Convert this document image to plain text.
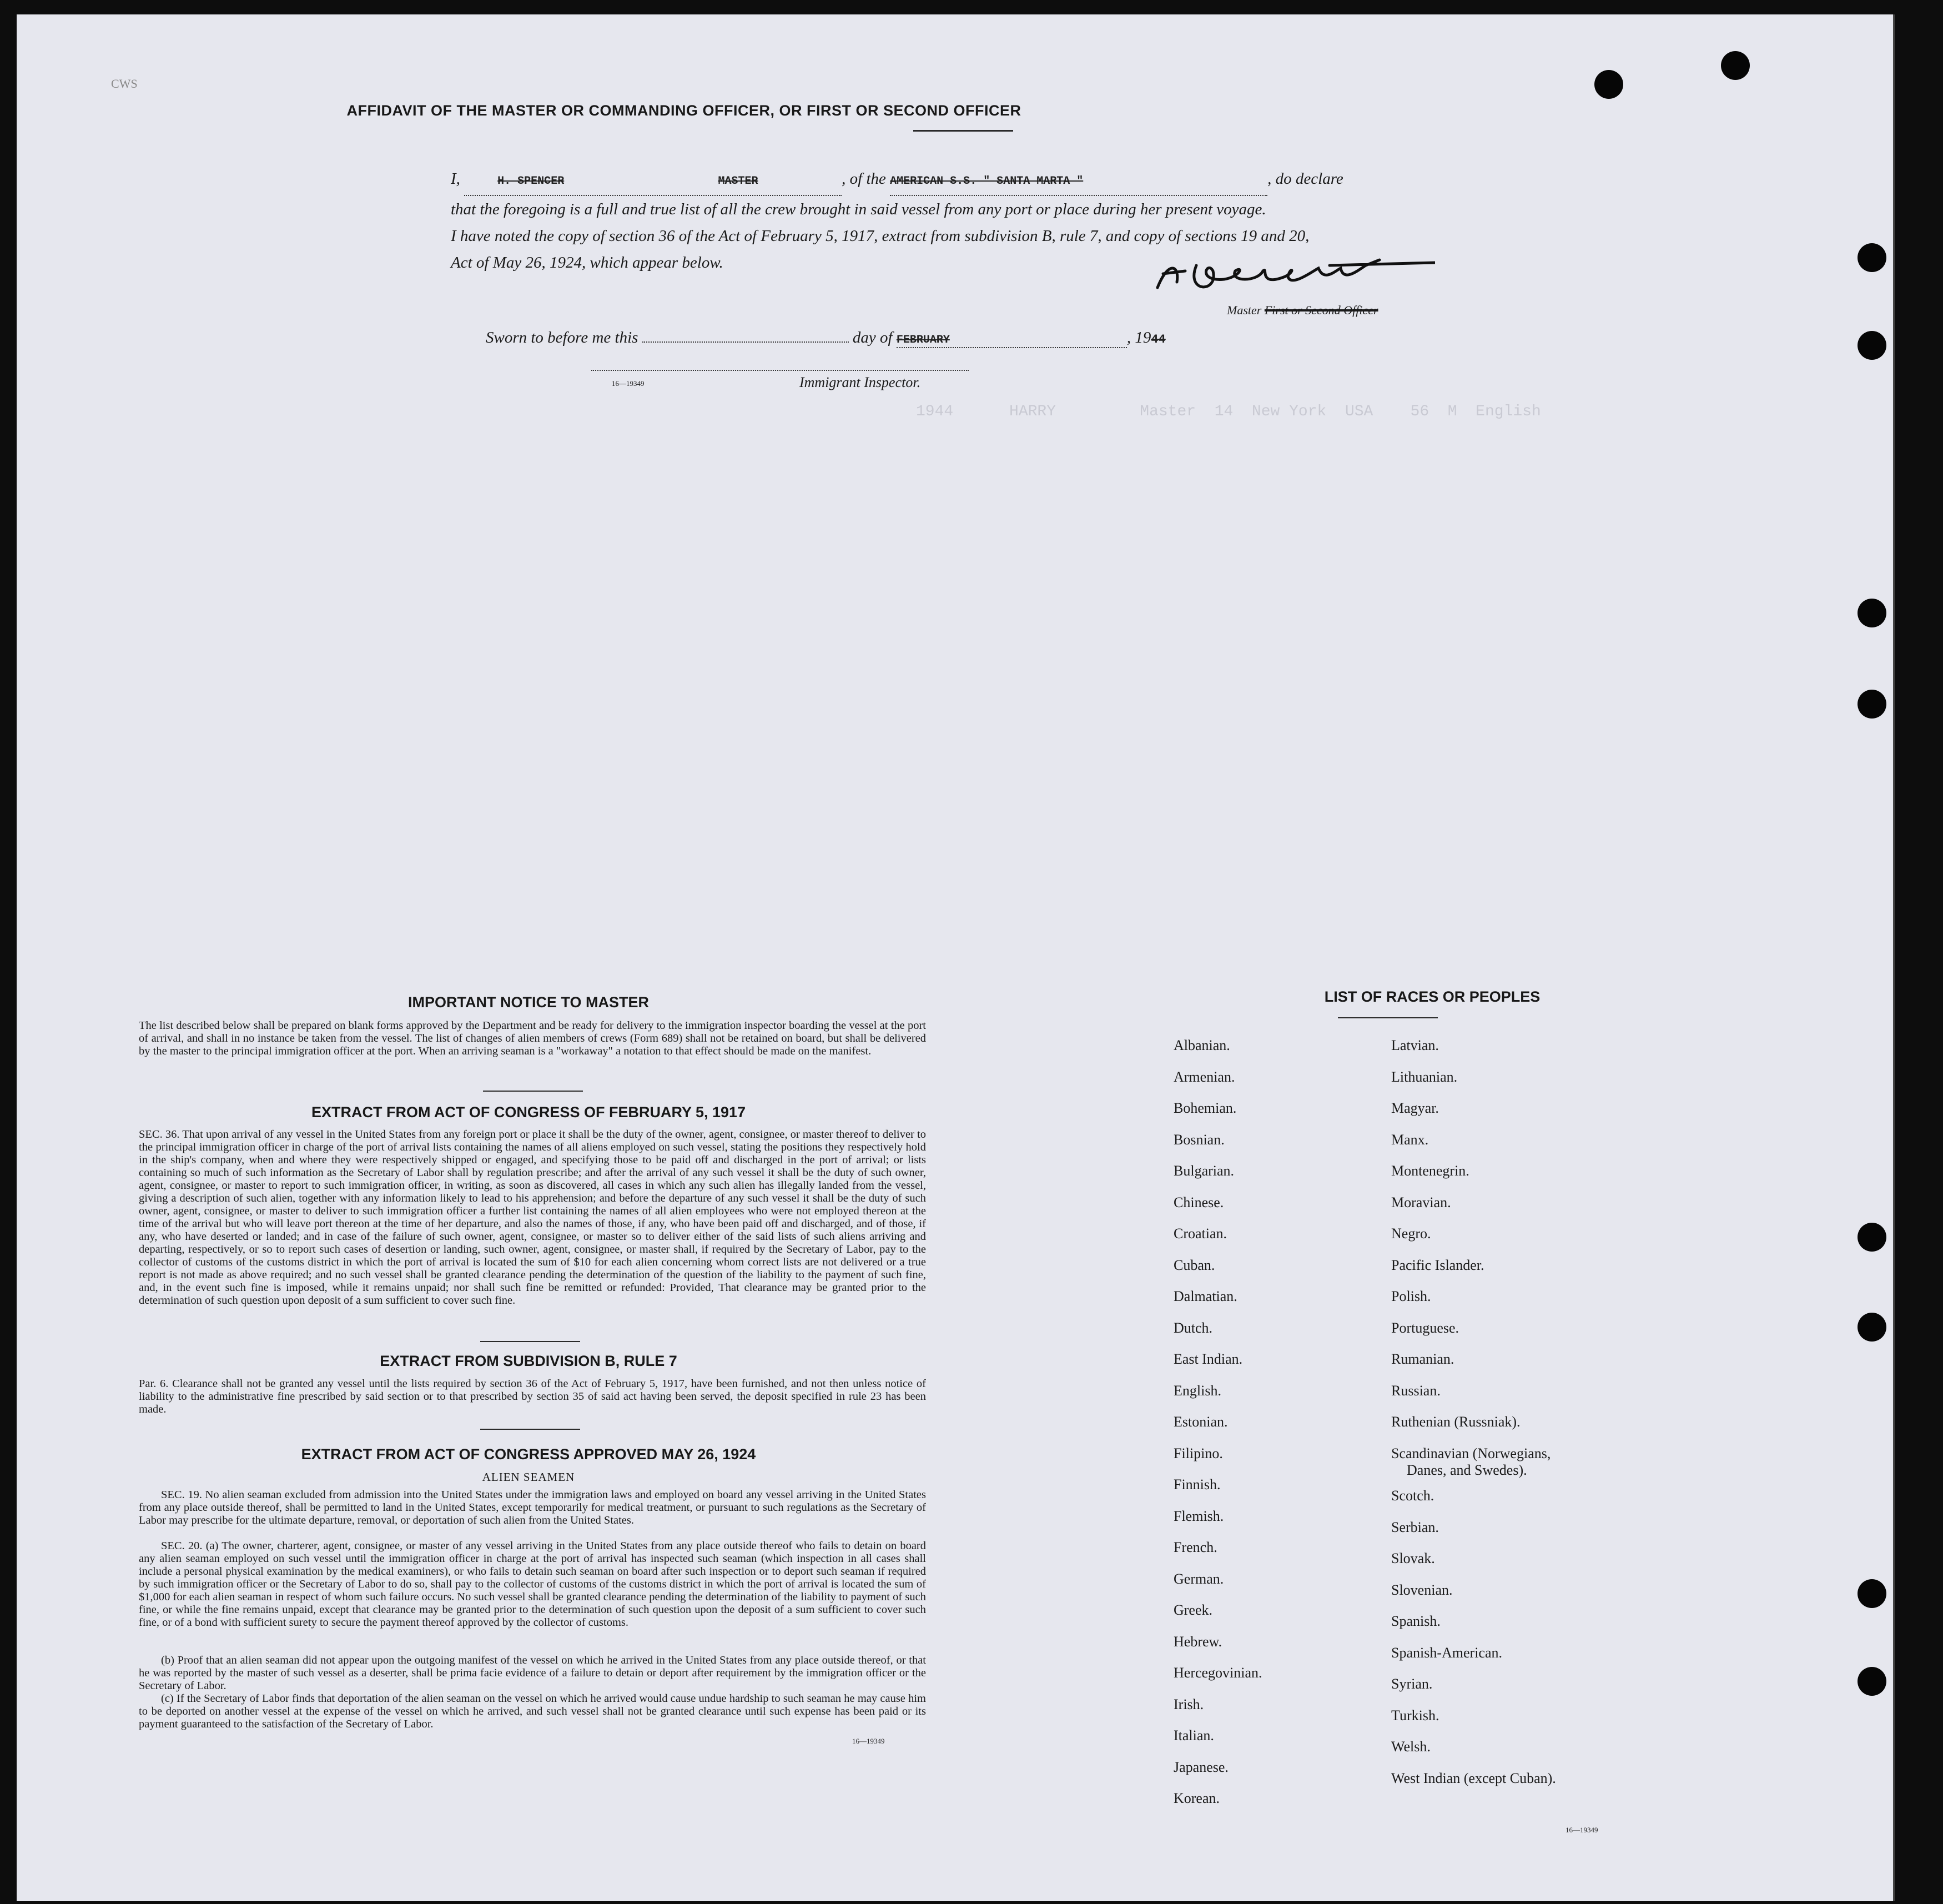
1944      HARRY         Master  14  New York  USA    56  M  English
CWS
AFFIDAVIT OF THE MASTER OR COMMANDING OFFICER, OR FIRST OR SECOND OFFICER
I,	H. SPENCER	MASTER	, of the AMERICAN S.S. " SANTA MARTA "	, do declare
that the foregoing is a full and true list of all the crew brought in said vessel from any port or place during her present voyage.
I have noted the copy of section 36 of the Act of February 5, 1917, extract from subdivision B, rule 7, and copy of sections 19 and 20,
Act of May 26, 1924, which appear below.
Master First or Second Officer
Sworn to before me this	day of FEBRUARY	, 1944
16—19349	Immigrant Inspector.
IMPORTANT NOTICE TO MASTER
The list described below shall be prepared on blank forms approved by the Department and be ready for delivery to the immigration inspector boarding the vessel at the port of arrival, and shall in no instance be taken from the vessel. The list of changes of alien members of crews (Form 689) shall not be retained on board, but shall be delivered by the master to the principal immigration officer at the port. When an arriving seaman is a "workaway" a notation to that effect should be made on the manifest.
EXTRACT FROM ACT OF CONGRESS OF FEBRUARY 5, 1917
SEC. 36. That upon arrival of any vessel in the United States from any foreign port or place it shall be the duty of the owner, agent, consignee, or master thereof to deliver to the principal immigration officer in charge of the port of arrival lists containing the names of all aliens employed on such vessel, stating the positions they respectively hold in the ship's company, when and where they were respectively shipped or engaged, and specifying those to be paid off and discharged in the port of arrival; or lists containing so much of such information as the Secretary of Labor shall by regulation prescribe; and after the arrival of any such vessel it shall be the duty of such owner, agent, consignee, or master to report to such immigration officer, in writing, as soon as discovered, all cases in which any such alien has illegally landed from the vessel, giving a description of such alien, together with any information likely to lead to his apprehension; and before the departure of any such vessel it shall be the duty of such owner, agent, consignee, or master to deliver to such immigration officer a further list containing the names of all alien employees who were not employed thereon at the time of the arrival but who will leave port thereon at the time of her departure, and also the names of those, if any, who have been paid off and discharged, and of those, if any, who have deserted or landed; and in case of the failure of such owner, agent, consignee, or master so to deliver either of the said lists of such aliens arriving and departing, respectively, or so to report such cases of desertion or landing, such owner, agent, consignee, or master shall, if required by the Secretary of Labor, pay to the collector of customs of the customs district in which the port of arrival is located the sum of $10 for each alien concerning whom correct lists are not delivered or a true report is not made as above required; and no such vessel shall be granted clearance pending the determination of the question of the liability to the payment of such fine, and, in the event such fine is imposed, while it remains unpaid; nor shall such fine be remitted or refunded: Provided, That clearance may be granted prior to the determination of such question upon deposit of a sum sufficient to cover such fine.
EXTRACT FROM SUBDIVISION B, RULE 7
Par. 6. Clearance shall not be granted any vessel until the lists required by section 36 of the Act of February 5, 1917, have been furnished, and not then unless notice of liability to the administrative fine prescribed by said section or to that prescribed by section 35 of said act having been served, the deposit specified in rule 23 has been made.
EXTRACT FROM ACT OF CONGRESS APPROVED MAY 26, 1924
ALIEN SEAMEN
SEC. 19. No alien seaman excluded from admission into the United States under the immigration laws and employed on board any vessel arriving in the United States from any place outside thereof, shall be permitted to land in the United States, except temporarily for medical treatment, or pursuant to such regulations as the Secretary of Labor may prescribe for the ultimate departure, removal, or deportation of such alien from the United States.
SEC. 20. (a) The owner, charterer, agent, consignee, or master of any vessel arriving in the United States from any place outside thereof who fails to detain on board any alien seaman employed on such vessel until the immigration officer in charge at the port of arrival has inspected such seaman (which inspection in all cases shall include a personal physical examination by the medical examiners), or who fails to detain such seaman on board after such inspection or to deport such seaman if required by such immigration officer or the Secretary of Labor to do so, shall pay to the collector of customs of the customs district in which the port of arrival is located the sum of $1,000 for each alien seaman in respect of whom such failure occurs. No such vessel shall be granted clearance pending the determination of the liability to payment of such fine, or while the fine remains unpaid, except that clearance may be granted prior to the determination of such question upon the deposit of a sum sufficient to cover such fine, or of a bond with sufficient surety to secure the payment thereof approved by the collector of customs.
(b) Proof that an alien seaman did not appear upon the outgoing manifest of the vessel on which he arrived in the United States from any place outside thereof, or that he was reported by the master of such vessel as a deserter, shall be prima facie evidence of a failure to detain or deport after requirement by the immigration officer or the Secretary of Labor.
(c) If the Secretary of Labor finds that deportation of the alien seaman on the vessel on which he arrived would cause undue hardship to such seaman he may cause him to be deported on another vessel at the expense of the vessel on which he arrived, and such vessel shall not be granted clearance until such expense has been paid or its payment guaranteed to the satisfaction of the Secretary of Labor.
16—19349
LIST OF RACES OR PEOPLES
Albanian.
Armenian.
Bohemian.
Bosnian.
Bulgarian.
Chinese.
Croatian.
Cuban.
Dalmatian.
Dutch.
East Indian.
English.
Estonian.
Filipino.
Finnish.
Flemish.
French.
German.
Greek.
Hebrew.
Hercegovinian.
Irish.
Italian.
Japanese.
Korean.
Latvian.
Lithuanian.
Magyar.
Manx.
Montenegrin.
Moravian.
Negro.
Pacific Islander.
Polish.
Portuguese.
Rumanian.
Russian.
Ruthenian (Russniak).
Scandinavian (Norwegians,
Danes, and Swedes).
Scotch.
Serbian.
Slovak.
Slovenian.
Spanish.
Spanish-American.
Syrian.
Turkish.
Welsh.
West Indian (except Cuban).
16—19349
